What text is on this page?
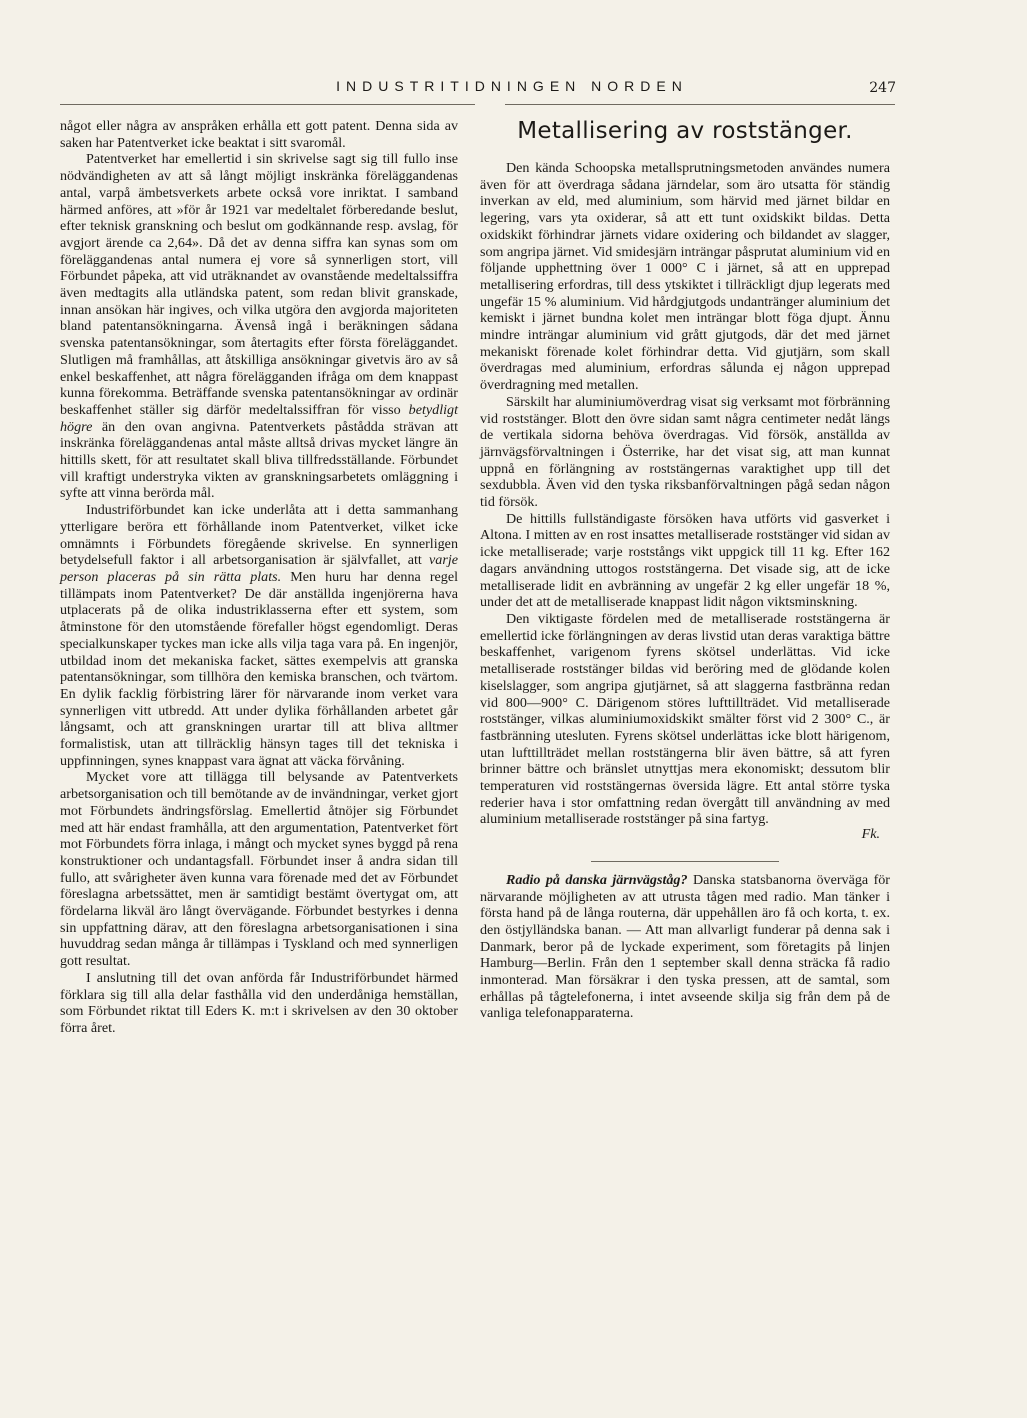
INDUSTRITIDNINGEN NORDEN	247

något eller några av anspråken erhålla ett gott patent. Denna sida av saken har Patentverket icke beaktat i sitt svaromål.

Patentverket har emellertid i sin skrivelse sagt sig till fullo inse nödvändigheten av att så långt möjligt inskränka föreläggandenas antal, varpå ämbetsverkets arbete också vore inriktat. I samband härmed anföres, att »för år 1921 var medeltalet förberedande beslut, efter teknisk granskning och beslut om godkännande resp. avslag, för avgjort ärende ca 2,64». Då det av denna siffra kan synas som om föreläggandenas antal numera ej vore så synnerligen stort, vill Förbundet påpeka, att vid uträknandet av ovanstående medeltalssiffra även medtagits alla utländska patent, som redan blivit granskade, innan ansökan här ingives, och vilka utgöra den avgjorda majoriteten bland patentansökningarna. Ävenså ingå i beräkningen sådana svenska patentansökningar, som återtagits efter första föreläggandet. Slutligen må framhållas, att åtskilliga ansökningar givetvis äro av så enkel beskaffenhet, att några förelägganden ifråga om dem knappast kunna förekomma. Beträffande svenska patentansökningar av ordinär beskaffenhet ställer sig därför medeltalssiffran för visso betydligt högre än den ovan angivna. Patentverkets påstådda strävan att inskränka föreläggandenas antal måste alltså drivas mycket längre än hittills skett, för att resultatet skall bliva tillfredsställande. Förbundet vill kraftigt understryka vikten av granskningsarbetets omläggning i syfte att vinna berörda mål.

Industriförbundet kan icke underlåta att i detta sammanhang ytterligare beröra ett förhållande inom Patentverket, vilket icke omnämnts i Förbundets föregående skrivelse. En synnerligen betydelsefull faktor i all arbetsorganisation är självfallet, att varje person placeras på sin rätta plats. Men huru har denna regel tillämpats inom Patentverket? De där anställda ingenjörerna hava utplacerats på de olika industriklasserna efter ett system, som åtminstone för den utomstående förefaller högst egendomligt. Deras specialkunskaper tyckes man icke alls vilja taga vara på. En ingenjör, utbildad inom det mekaniska facket, sättes exempelvis att granska patentansökningar, som tillhöra den kemiska branschen, och tvärtom. En dylik facklig förbistring lärer för närvarande inom verket vara synnerligen vitt utbredd. Att under dylika förhållanden arbetet går långsamt, och att granskningen urartar till att bliva alltmer formalistisk, utan att tillräcklig hänsyn tages till det tekniska i uppfinningen, synes knappast vara ägnat att väcka förvåning.

Mycket vore att tillägga till belysande av Patentverkets arbetsorganisation och till bemötande av de invändningar, verket gjort mot Förbundets ändringsförslag. Emellertid åtnöjer sig Förbundet med att här endast framhålla, att den argumentation, Patentverket fört mot Förbundets förra inlaga, i mångt och mycket synes byggd på rena konstruktioner och undantagsfall. Förbundet inser å andra sidan till fullo, att svårigheter även kunna vara förenade med det av Förbundet föreslagna arbetssättet, men är samtidigt bestämt övertygat om, att fördelarna likväl äro långt övervägande. Förbundet bestyrkes i denna sin uppfattning därav, att den föreslagna arbetsorganisationen i sina huvuddrag sedan många år tillämpas i Tyskland och med synnerligen gott resultat.

I anslutning till det ovan anförda får Industriförbundet härmed förklara sig till alla delar fasthålla vid den underdåniga hemställan, som Förbundet riktat till Eders K. m:t i skrivelsen av den 30 oktober förra året.

Metallisering av roststänger.

Den kända Schoopska metallsprutningsmetoden användes numera även för att överdraga sådana järndelar, som äro utsatta för ständig inverkan av eld, med aluminium, som härvid med järnet bildar en legering, vars yta oxiderar, så att ett tunt oxidskikt bildas. Detta oxidskikt förhindrar järnets vidare oxidering och bildandet av slagger, som angripa järnet. Vid smidesjärn inträngar påsprutat aluminium vid en följande upphettning över 1 000° C i järnet, så att en upprepad metallisering erfordras, till dess ytskiktet i tillräckligt djup legerats med ungefär 15 % aluminium. Vid hårdgjutgods undantränger aluminium det kemiskt i järnet bundna kolet men inträngar blott föga djupt. Ännu mindre inträngar aluminium vid grått gjutgods, där det med järnet mekaniskt förenade kolet förhindrar detta. Vid gjutjärn, som skall överdragas med aluminium, erfordras sålunda ej någon upprepad överdragning med metallen.

Särskilt har aluminiumöverdrag visat sig verksamt mot förbränning vid roststänger. Blott den övre sidan samt några centimeter nedåt längs de vertikala sidorna behöva överdragas. Vid försök, anställda av järnvägsförvaltningen i Österrike, har det visat sig, att man kunnat uppnå en förlängning av roststängernas varaktighet upp till det sexdubbla. Även vid den tyska riksbanförvaltningen pågå sedan någon tid försök.

De hittills fullständigaste försöken hava utförts vid gasverket i Altona. I mitten av en rost insattes metalliserade roststänger vid sidan av icke metalliserade; varje roststångs vikt uppgick till 11 kg. Efter 162 dagars användning uttogos roststängerna. Det visade sig, att de icke metalliserade lidit en avbränning av ungefär 2 kg eller ungefär 18 %, under det att de metalliserade knappast lidit någon viktsminskning.

Den viktigaste fördelen med de metalliserade roststängerna är emellertid icke förlängningen av deras livstid utan deras varaktiga bättre beskaffenhet, varigenom fyrens skötsel underlättas. Vid icke metalliserade roststänger bildas vid beröring med de glödande kolen kiselslagger, som angripa gjutjärnet, så att slaggerna fastbränna redan vid 800—900° C. Därigenom störes lufttillträdet. Vid metalliserade roststänger, vilkas aluminiumoxidskikt smälter först vid 2 300° C., är fastbränning utesluten. Fyrens skötsel underlättas icke blott härigenom, utan lufttillträdet mellan roststängerna blir även bättre, så att fyren brinner bättre och bränslet utnyttjas mera ekonomiskt; dessutom blir temperaturen vid roststängernas översida lägre. Ett antal större tyska rederier hava i stor omfattning redan övergått till användning av med aluminium metalliserade roststänger på sina fartyg.

Fk.

Radio på danska järnvägståg? Danska statsbanorna överväga för närvarande möjligheten av att utrusta tågen med radio. Man tänker i första hand på de långa routerna, där uppehållen äro få och korta, t. ex. den östjylländska banan. — Att man allvarligt funderar på denna sak i Danmark, beror på de lyckade experiment, som företagits på linjen Hamburg—Berlin. Från den 1 september skall denna sträcka få radio inmonterad. Man försäkrar i den tyska pressen, att de samtal, som erhållas på tågtelefonerna, i intet avseende skilja sig från dem på de vanliga telefonapparaterna.
